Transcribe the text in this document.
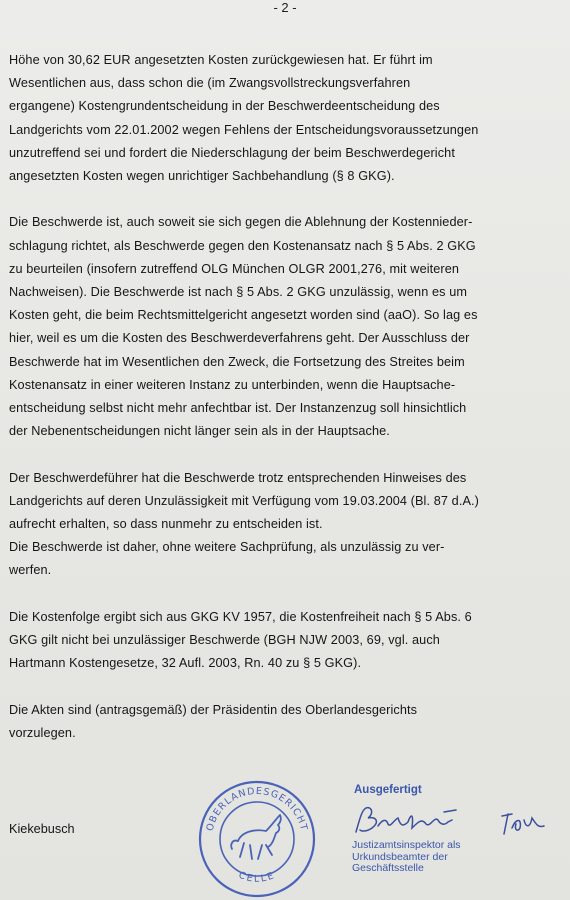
- 2 -
Höhe von 30,62 EUR angesetzten Kosten zurückgewiesen hat. Er führt im
Wesentlichen aus, dass schon die (im Zwangsvollstreckungsverfahren
ergangene) Kostengrundentscheidung in der Beschwerdeentscheidung des
Landgerichts vom 22.01.2002 wegen Fehlens der Entscheidungsvoraussetzungen
unzutreffend sei und fordert die Niederschlagung der beim Beschwerdegericht
angesetzten Kosten wegen unrichtiger Sachbehandlung (§ 8 GKG).
Die Beschwerde ist, auch soweit sie sich gegen die Ablehnung der Kostennieder-
schlagung richtet, als Beschwerde gegen den Kostenansatz nach § 5 Abs. 2 GKG
zu beurteilen (insofern zutreffend OLG München OLGR 2001,276, mit weiteren
Nachweisen). Die Beschwerde ist nach § 5 Abs. 2 GKG unzulässig, wenn es um
Kosten geht, die beim Rechtsmittelgericht angesetzt worden sind (aaO). So lag es
hier, weil es um die Kosten des Beschwerdeverfahrens geht. Der Ausschluss der
Beschwerde hat im Wesentlichen den Zweck, die Fortsetzung des Streites beim
Kostenansatz in einer weiteren Instanz zu unterbinden, wenn die Hauptsache-
entscheidung selbst nicht mehr anfechtbar ist. Der Instanzenzug soll hinsichtlich
der Nebenentscheidungen nicht länger sein als in der Hauptsache.
Der Beschwerdeführer hat die Beschwerde trotz entsprechenden Hinweises des
Landgerichts auf deren Unzulässigkeit mit Verfügung vom 19.03.2004 (Bl. 87 d.A.)
aufrecht erhalten, so dass nunmehr zu entscheiden ist.
Die Beschwerde ist daher, ohne weitere Sachprüfung, als unzulässig zu ver-
werfen.
Die Kostenfolge ergibt sich aus GKG KV 1957, die Kostenfreiheit nach § 5 Abs. 6
GKG gilt nicht bei unzulässiger Beschwerde (BGH NJW 2003, 69, vgl. auch
Hartmann Kostengesetze, 32 Aufl. 2003, Rn. 40 zu § 5 GKG).
Die Akten sind (antragsgemäß) der Präsidentin des Oberlandesgerichts
vorzulegen.
Kiekebusch	OBERLANDESGERICHT
CELLE
Ausgefertigt
Justizamtsinspektor als
Urkundsbeamter der
Geschäftsstelle
